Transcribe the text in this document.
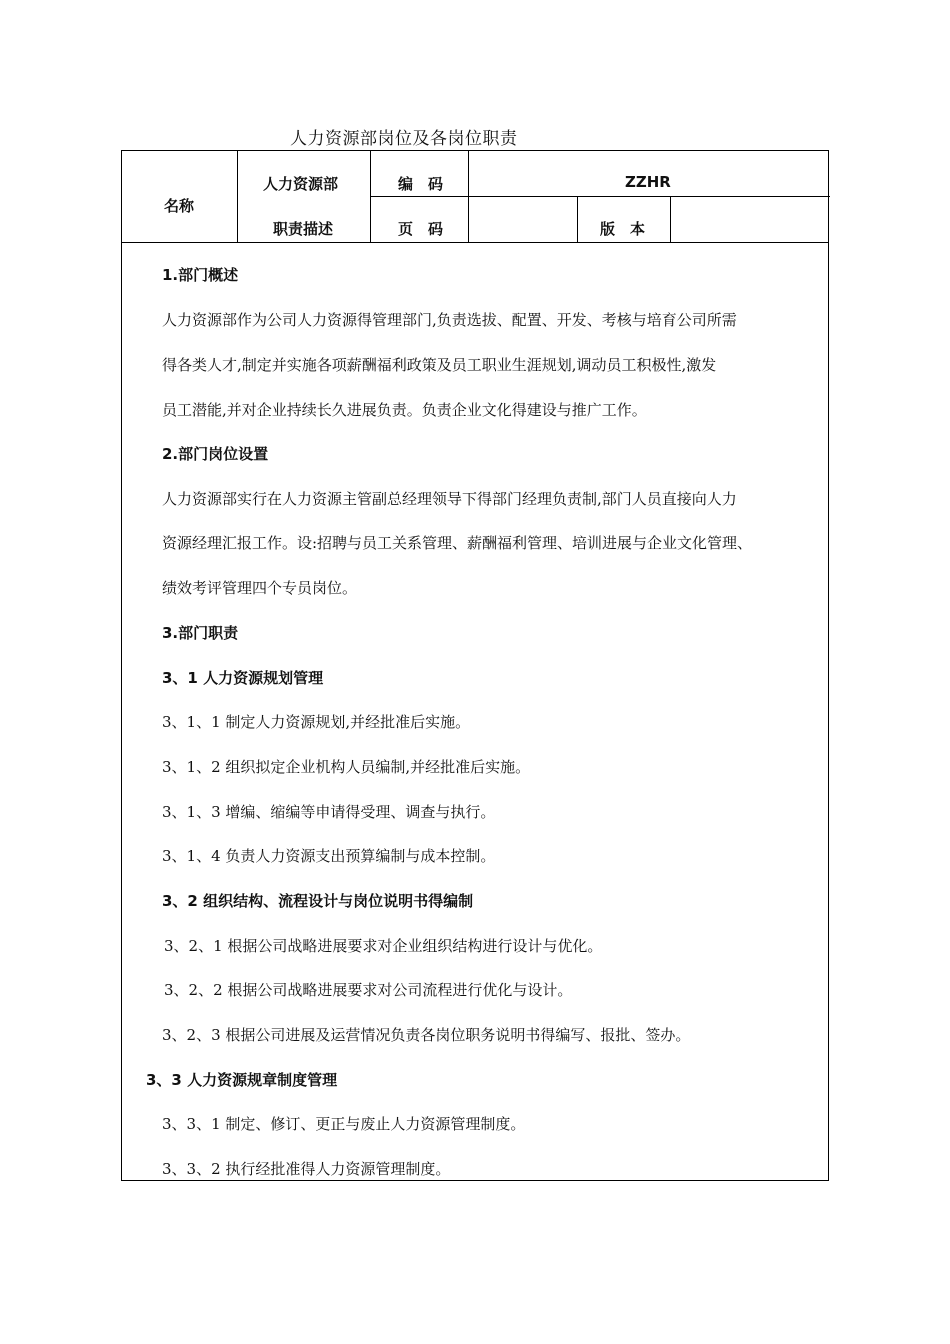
人力资源部岗位及各岗位职责
名称
人力资源部
职责描述
编　码	ZZHR
页　码	版　本
1.部门概述
人力资源部作为公司人力资源得管理部门,负责选拔、配置、开发、考核与培育公司所需
得各类人才,制定并实施各项薪酬福利政策及员工职业生涯规划,调动员工积极性,激发
员工潜能,并对企业持续长久进展负责。负责企业文化得建设与推广工作。
2.部门岗位设置
人力资源部实行在人力资源主管副总经理领导下得部门经理负责制,部门人员直接向人力
资源经理汇报工作。设:招聘与员工关系管理、薪酬福利管理、培训进展与企业文化管理、
绩效考评管理四个专员岗位。
3.部门职责
3、1 人力资源规划管理
3、1、1 制定人力资源规划,并经批准后实施。
3、1、2 组织拟定企业机构人员编制,并经批准后实施。
3、1、3 增编、缩编等申请得受理、调查与执行。
3、1、4 负责人力资源支出预算编制与成本控制。
3、2 组织结构、流程设计与岗位说明书得编制
3、2、1 根据公司战略进展要求对企业组织结构进行设计与优化。
3、2、2 根据公司战略进展要求对公司流程进行优化与设计。
3、2、3 根据公司进展及运营情况负责各岗位职务说明书得编写、报批、签办。
3、3 人力资源规章制度管理
3、3、1 制定、修订、更正与废止人力资源管理制度。
3、3、2 执行经批准得人力资源管理制度。
